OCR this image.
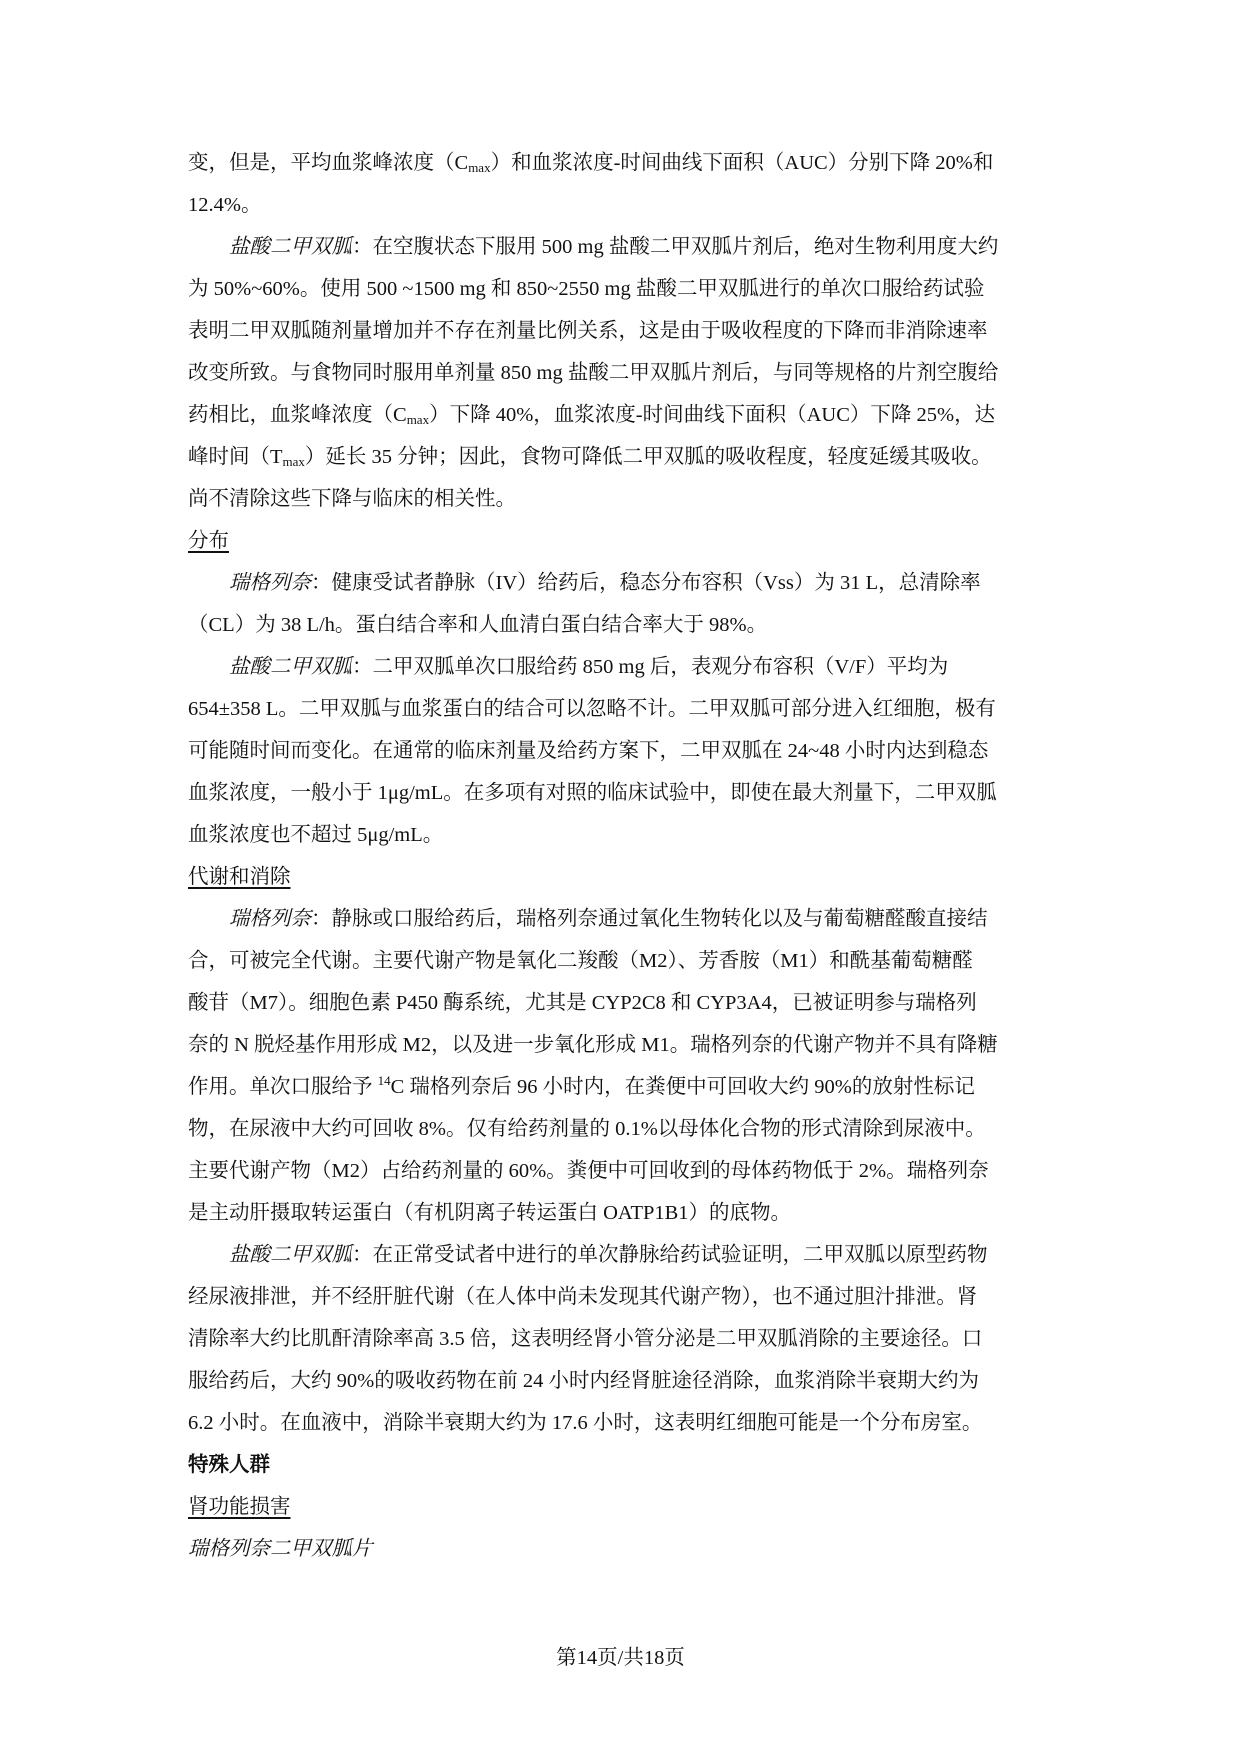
变，但是，平均血浆峰浓度$(C_{max})$和血浆浓度-时间曲线下面积（AUC）分别下降 20%和
12.4%。
盐酸二甲双胍：在空腹状态下服用 500 mg 盐酸二甲双胍片剂后，绝对生物利用度大约
为 50%~60%。使用 500 ~1500 mg 和 850~2550 mg 盐酸二甲双胍进行的单次口服给药试验
表明二甲双胍随剂量增加并不存在剂量比例关系，这是由于吸收程度的下降而非消除速率
改变所致。与食物同时服用单剂量 850 mg 盐酸二甲双胍片剂后，与同等规格的片剂空腹给
药相比，血浆峰浓度$(C_{max})$下降 40%，血浆浓度-时间曲线下面积（AUC）下降 25%，达
峰时间$(T_{max})$延长 35 分钟；因此，食物可降低二甲双胍的吸收程度，轻度延缓其吸收。
尚不清除这些下降与临床的相关性。
分布
瑞格列奈：健康受试者静脉（IV）给药后，稳态分布容积（Vss）为 31 L，总清除率
（CL）为 38 L/h。蛋白结合率和人血清白蛋白结合率大于 98%。
盐酸二甲双胍：二甲双胍单次口服给药 850 mg 后，表观分布容积（V/F）平均为
654±358 L。二甲双胍与血浆蛋白的结合可以忽略不计。二甲双胍可部分进入红细胞，极有
可能随时间而变化。在通常的临床剂量及给药方案下，二甲双胍在 24~48 小时内达到稳态
血浆浓度，一般小于 1μg/mL。在多项有对照的临床试验中，即使在最大剂量下，二甲双胍
血浆浓度也不超过 5μg/mL。
代谢和消除
瑞格列奈：静脉或口服给药后，瑞格列奈通过氧化生物转化以及与葡萄糖醛酸直接结
合，可被完全代谢。主要代谢产物是氧化二羧酸（M2）、芳香胺（M1）和酰基葡萄糖醛
酸苷（M7）。细胞色素 P450 酶系统，尤其是 CYP2C8 和 CYP3A4，已被证明参与瑞格列
奈的 N 脱烃基作用形成 M2，以及进一步氧化形成 M1。瑞格列奈的代谢产物并不具有降糖
作用。单次口服给予 $^{14}$C 瑞格列奈后 96 小时内，在粪便中可回收大约 90%的放射性标记
物，在尿液中大约可回收 8%。仅有给药剂量的 0.1%以母体化合物的形式清除到尿液中。
主要代谢产物（M2）占给药剂量的 60%。粪便中可回收到的母体药物低于 2%。瑞格列奈
是主动肝摄取转运蛋白（有机阴离子转运蛋白 OATP1B1）的底物。
盐酸二甲双胍：在正常受试者中进行的单次静脉给药试验证明，二甲双胍以原型药物
经尿液排泄，并不经肝脏代谢（在人体中尚未发现其代谢产物），也不通过胆汁排泄。肾
清除率大约比肌酐清除率高 3.5 倍，这表明经肾小管分泌是二甲双胍消除的主要途径。口
服给药后，大约 90%的吸收药物在前 24 小时内经肾脏途径消除，血浆消除半衰期大约为
6.2 小时。在血液中，消除半衰期大约为 17.6 小时，这表明红细胞可能是一个分布房室。
特殊人群
肾功能损害
瑞格列奈二甲双胍片
第14页/共18页
